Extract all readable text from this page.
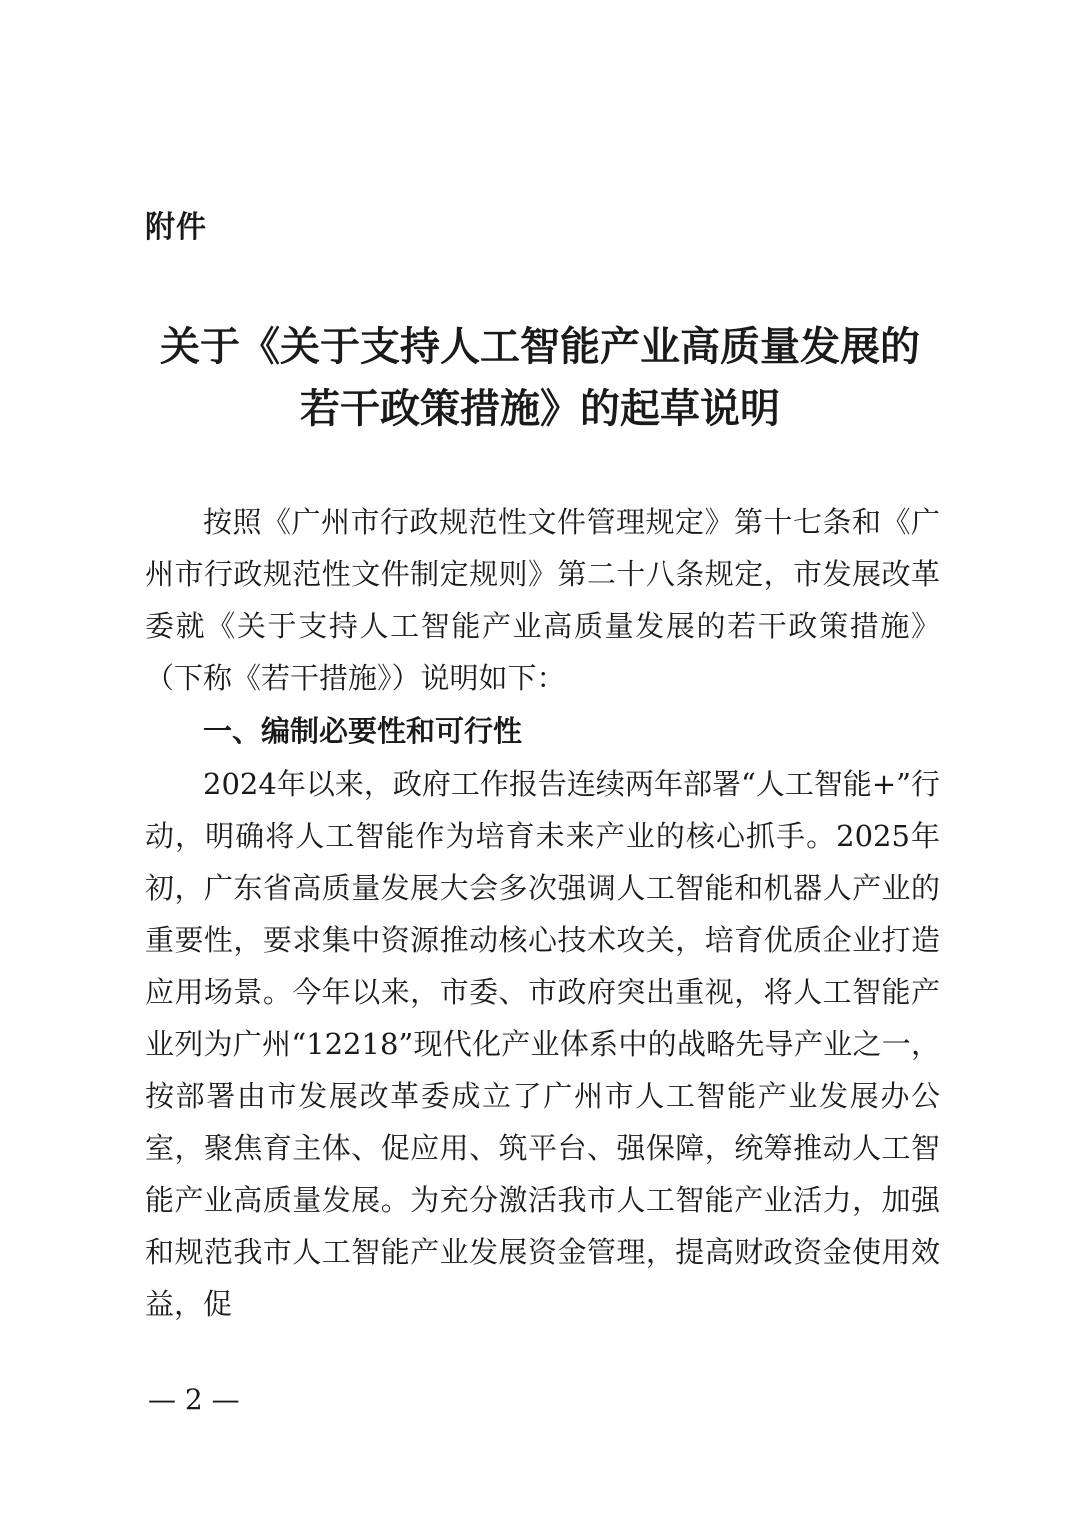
附件
关于《关于支持人工智能产业高质量发展的
若干政策措施》的起草说明

按照《广州市行政规范性文件管理规定》第十七条和《广州市行政规范性文件制定规则》第二十八条规定，市发展改革委就《关于支持人工智能产业高质量发展的若干政策措施》（下称《若干措施》）说明如下：

一、编制必要性和可行性

2024年以来，政府工作报告连续两年部署“人工智能+”行动，明确将人工智能作为培育未来产业的核心抓手。2025年初，广东省高质量发展大会多次强调人工智能和机器人产业的重要性，要求集中资源推动核心技术攻关，培育优质企业打造应用场景。今年以来，市委、市政府突出重视，将人工智能产业列为广州“12218”现代化产业体系中的战略先导产业之一，按部署由市发展改革委成立了广州市人工智能产业发展办公室，聚焦育主体、促应用、筑平台、强保障，统筹推动人工智能产业高质量发展。为充分激活我市人工智能产业活力，加强和规范我市人工智能产业发展资金管理，提高财政资金使用效益，促

— 2 —
